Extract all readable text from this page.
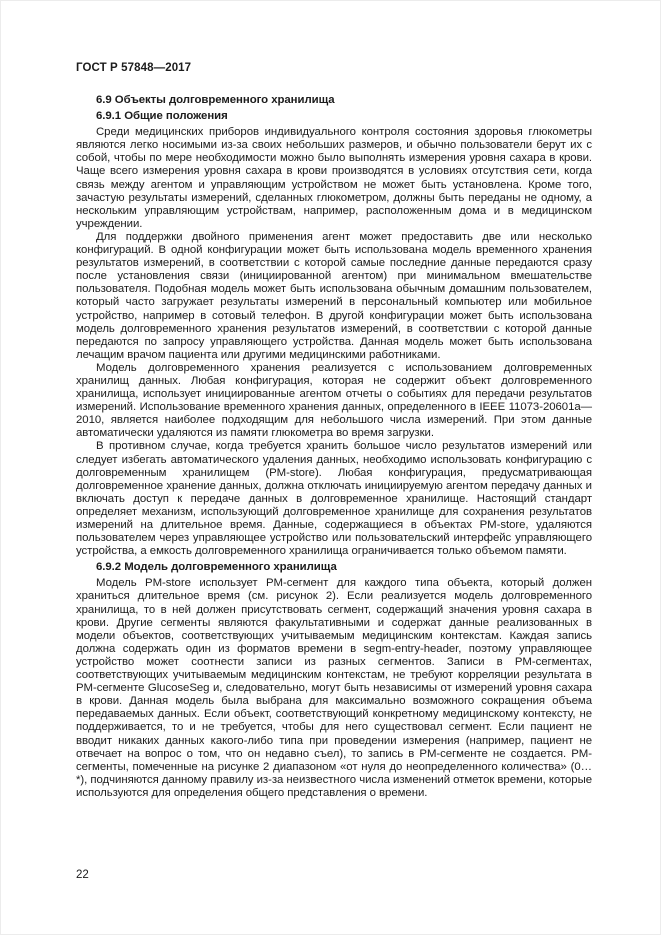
ГОСТ Р 57848—2017

6.9 Объекты долговременного хранилища

6.9.1 Общие положения

Среди медицинских приборов индивидуального контроля состояния здоровья глюкометры являются легко носимыми из-за своих небольших размеров, и обычно пользователи берут их с собой, чтобы по мере необходимости можно было выполнять измерения уровня сахара в крови. Чаще всего измерения уровня сахара в крови производятся в условиях отсутствия сети, когда связь между агентом и управляющим устройством не может быть установлена. Кроме того, зачастую результаты измерений, сделанных глюкометром, должны быть переданы не одному, а нескольким управляющим устройствам, например, расположенным дома и в медицинском учреждении.

Для поддержки двойного применения агент может предоставить две или несколько конфигураций. В одной конфигурации может быть использована модель временного хранения результатов измерений, в соответствии с которой самые последние данные передаются сразу после установления связи (инициированной агентом) при минимальном вмешательстве пользователя. Подобная модель может быть использована обычным домашним пользователем, который часто загружает результаты измерений в персональный компьютер или мобильное устройство, например в сотовый телефон. В другой конфигурации может быть использована модель долговременного хранения результатов измерений, в соответствии с которой данные передаются по запросу управляющего устройства. Данная модель может быть использована лечащим врачом пациента или другими медицинскими работниками.

Модель долговременного хранения реализуется с использованием долговременных хранилищ данных. Любая конфигурация, которая не содержит объект долговременного хранилища, использует инициированные агентом отчеты о событиях для передачи результатов измерений. Использование временного хранения данных, определенного в IEEE 11073-20601a—2010, является наиболее подходящим для небольшого числа измерений. При этом данные автоматически удаляются из памяти глюкометра во время загрузки.

В противном случае, когда требуется хранить большое число результатов измерений или следует избегать автоматического удаления данных, необходимо использовать конфигурацию с долговременным хранилищем (PM-store). Любая конфигурация, предусматривающая долговременное хранение данных, должна отключать инициируемую агентом передачу данных и включать доступ к передаче данных в долговременное хранилище. Настоящий стандарт определяет механизм, использующий долговременное хранилище для сохранения результатов измерений на длительное время. Данные, содержащиеся в объектах PM-store, удаляются пользователем через управляющее устройство или пользовательский интерфейс управляющего устройства, а емкость долговременного хранилища ограничивается только объемом памяти.

6.9.2 Модель долговременного хранилища

Модель PM-store использует PM-сегмент для каждого типа объекта, который должен храниться длительное время (см. рисунок 2). Если реализуется модель долговременного хранилища, то в ней должен присутствовать сегмент, содержащий значения уровня сахара в крови. Другие сегменты являются факультативными и содержат данные реализованных в модели объектов, соответствующих учитываемым медицинским контекстам. Каждая запись должна содержать один из форматов времени в segm-entry-header, поэтому управляющее устройство может соотнести записи из разных сегментов. Записи в PM-сегментах, соответствующих учитываемым медицинским контекстам, не требуют корреляции результата в PM-сегменте GlucoseSeg и, следовательно, могут быть независимы от измерений уровня сахара в крови. Данная модель была выбрана для максимально возможного сокращения объема передаваемых данных. Если объект, соответствующий конкретному медицинскому контексту, не поддерживается, то и не требуется, чтобы для него существовал сегмент. Если пациент не вводит никаких данных какого-либо типа при проведении измерения (например, пациент не отвечает на вопрос о том, что он недавно съел), то запись в PM-сегменте не создается. PM-сегменты, помеченные на рисунке 2 диапазоном «от нуля до неопределенного количества» (0…*), подчиняются данному правилу из-за неизвестного числа изменений отметок времени, которые используются для определения общего представления о времени.

22
